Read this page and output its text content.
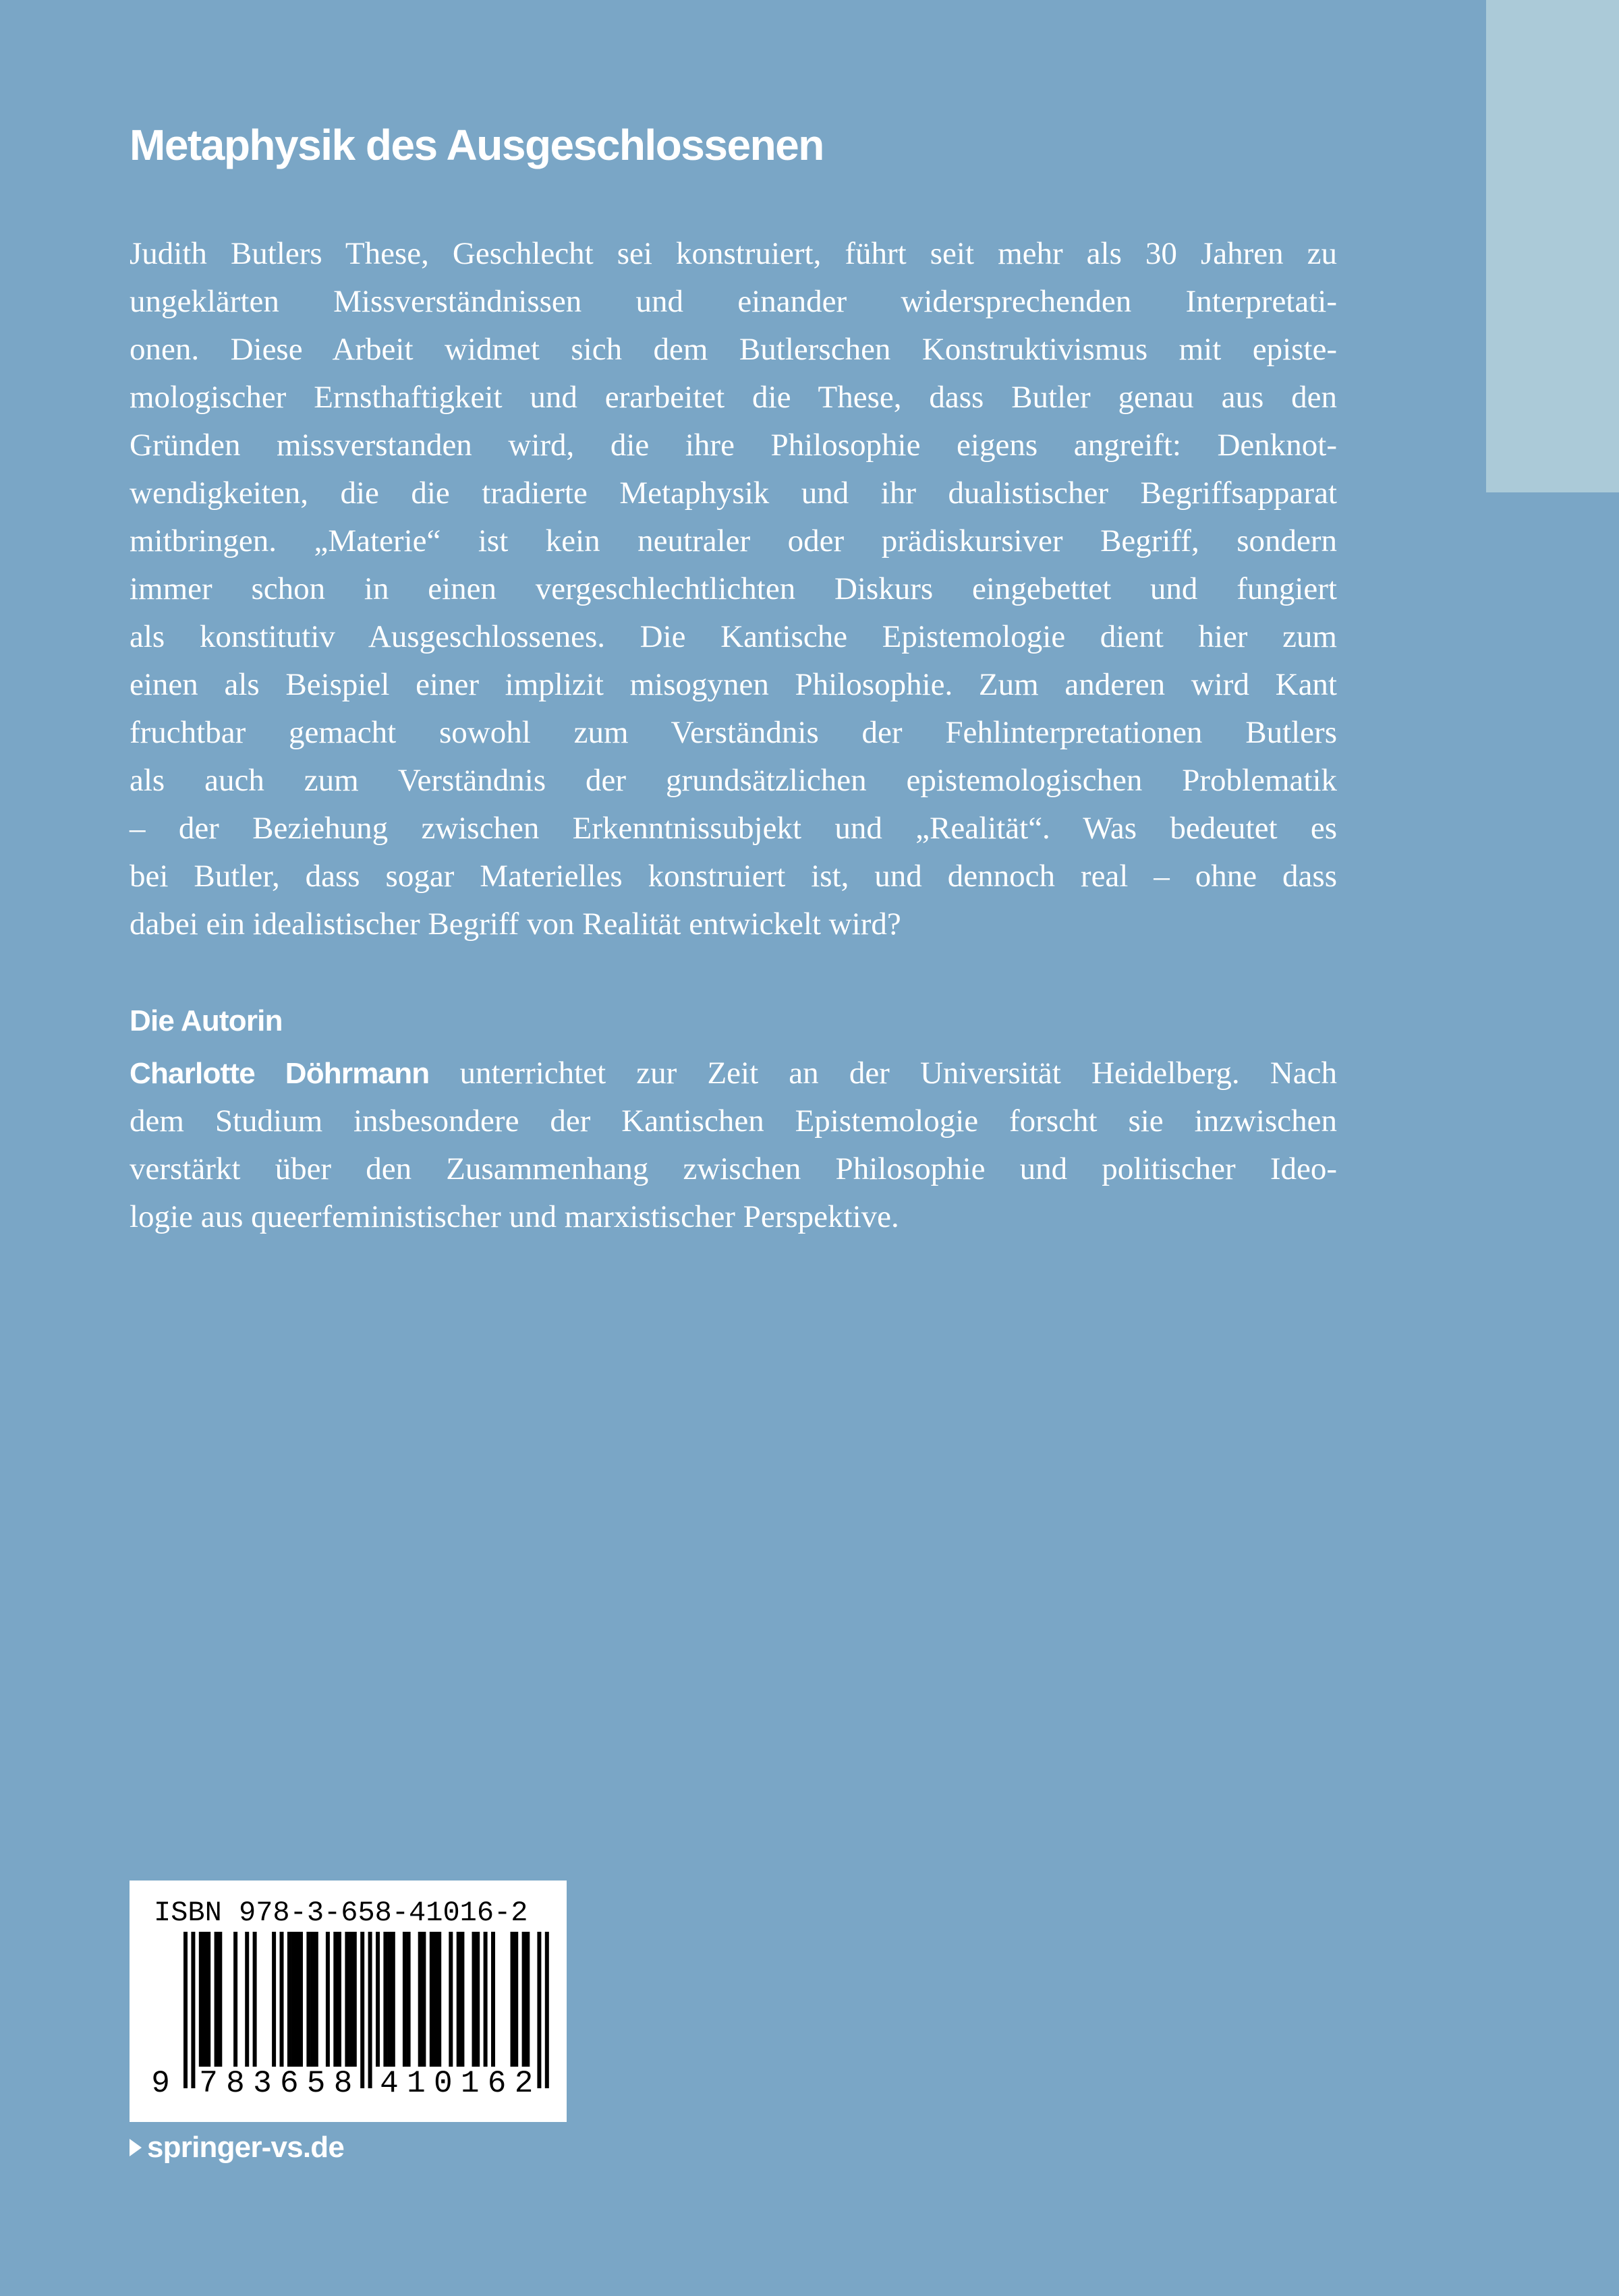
Metaphysik des Ausgeschlossenen
Judith Butlers These, Geschlecht sei konstruiert, führt seit mehr als 30 Jahren zu
ungeklärten Missverständnissen und einander widersprechenden Interpretati-
onen. Diese Arbeit widmet sich dem Butlerschen Konstruktivismus mit episte-
mologischer Ernsthaftigkeit und erarbeitet die These, dass Butler genau aus den
Gründen missverstanden wird, die ihre Philosophie eigens angreift: Denknot-
wendigkeiten, die die tradierte Metaphysik und ihr dualistischer Begriffsapparat
mitbringen. „Materie“ ist kein neutraler oder prädiskursiver Begriff, sondern
immer schon in einen vergeschlechtlichten Diskurs eingebettet und fungiert
als konstitutiv Ausgeschlossenes. Die Kantische Epistemologie dient hier zum
einen als Beispiel einer implizit misogynen Philosophie. Zum anderen wird Kant
fruchtbar gemacht sowohl zum Verständnis der Fehlinterpretationen Butlers
als auch zum Verständnis der grundsätzlichen epistemologischen Problematik
– der Beziehung zwischen Erkenntnissubjekt und „Realität“. Was bedeutet es
bei Butler, dass sogar Materielles konstruiert ist, und dennoch real – ohne dass
dabei ein idealistischer Begriff von Realität entwickelt wird?
Die Autorin
Charlotte Döhrmann unterrichtet zur Zeit an der Universität Heidelberg. Nach
dem Studium insbesondere der Kantischen Epistemologie forscht sie inzwischen
verstärkt über den Zusammenhang zwischen Philosophie und politischer Ideo-
logie aus queerfeministischer und marxistischer Perspektive.
ISBN 978-3-658-41016-2
9 7 8 3 6 5 8 4 1 0 1 6 2
springer-vs.de
